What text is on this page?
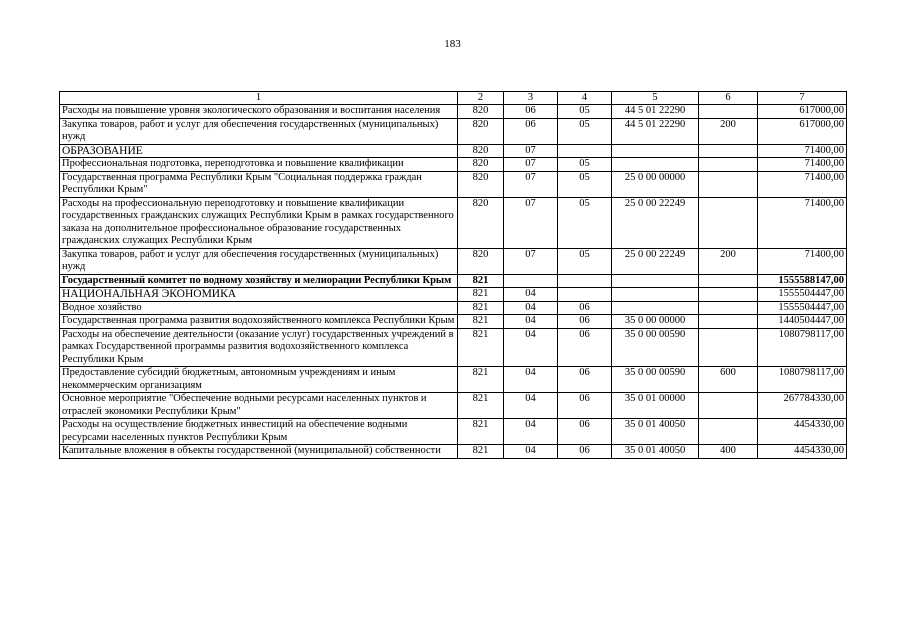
183
1	2	3	4	5	6	7
Расходы на повышение уровня экологического образования и воспитания населения	820	06	05	44 5 01 22290		617000,00
Закупка товаров, работ и услуг для обеспечения государственных (муниципальных) нужд	820	06	05	44 5 01 22290	200	617000,00
ОБРАЗОВАНИЕ	820	07				71400,00
Профессиональная подготовка, переподготовка и повышение квалификации	820	07	05			71400,00
Государственная программа Республики Крым "Социальная поддержка граждан Республики Крым"	820	07	05	25 0 00 00000		71400,00
Расходы на профессиональную переподготовку и повышение квалификации государственных гражданских служащих Республики Крым в рамках государственного заказа на дополнительное профессиональное образование государственных гражданских служащих Республики Крым	820	07	05	25 0 00 22249		71400,00
Закупка товаров, работ и услуг для обеспечения государственных (муниципальных) нужд	820	07	05	25 0 00 22249	200	71400,00
Государственный комитет по водному хозяйству и мелиорации Республики Крым	821					1555588147,00
НАЦИОНАЛЬНАЯ ЭКОНОМИКА	821	04				1555504447,00
Водное хозяйство	821	04	06			1555504447,00
Государственная программа развития водохозяйственного комплекса Республики Крым	821	04	06	35 0 00 00000		1440504447,00
Расходы на обеспечение деятельности (оказание услуг) государственных учреждений в рамках Государственной программы развития водохозяйственного комплекса Республики Крым	821	04	06	35 0 00 00590		1080798117,00
Предоставление субсидий бюджетным, автономным учреждениям и иным некоммерческим организациям	821	04	06	35 0 00 00590	600	1080798117,00
Основное мероприятие "Обеспечение водными ресурсами населенных пунктов и отраслей экономики Республики Крым"	821	04	06	35 0 01 00000		267784330,00
Расходы на осуществление бюджетных инвестиций на обеспечение водными ресурсами населенных пунктов Республики Крым	821	04	06	35 0 01 40050		4454330,00
Капитальные вложения в объекты государственной (муниципальной) собственности	821	04	06	35 0 01 40050	400	4454330,00
